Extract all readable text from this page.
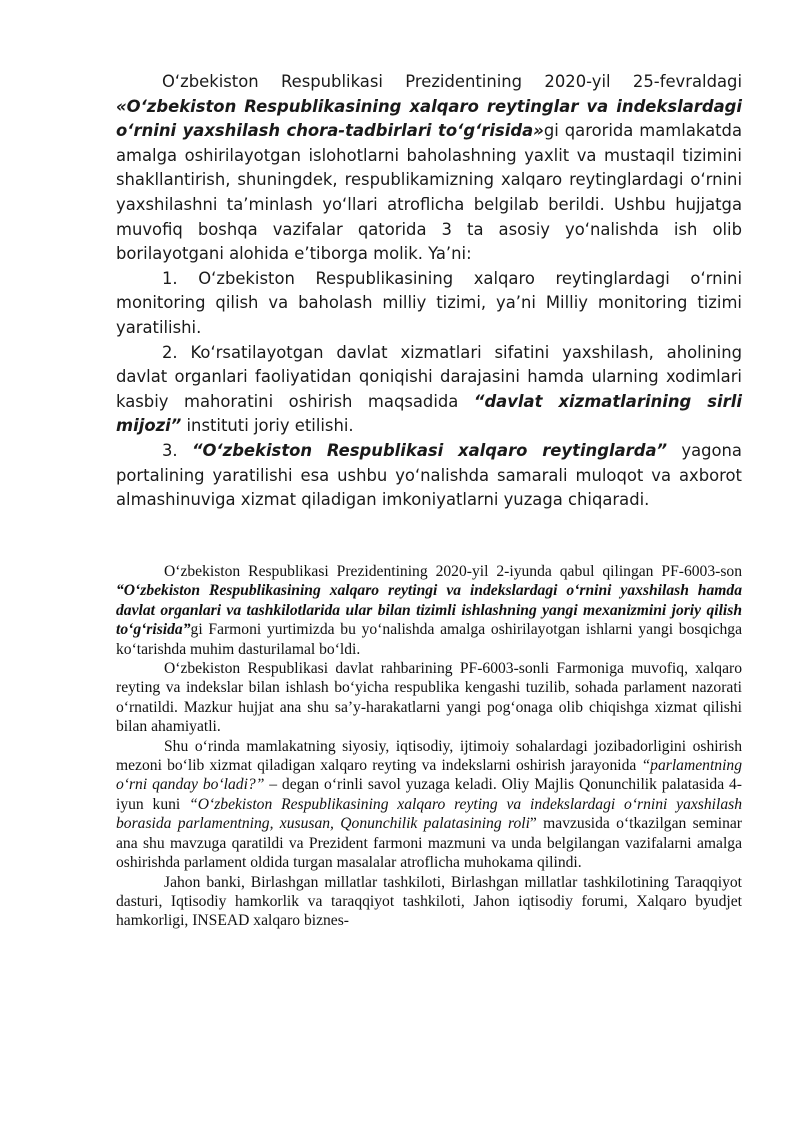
O‘zbekiston Respublikasi Prezidentining 2020-yil 25-fevraldagi «O‘zbekiston Respublikasining xalqaro reytinglar va indekslardagi o‘rnini yaxshilash chora-tadbirlari to‘g‘risida»gi qarorida mamlakatda amalga oshirilayotgan islohotlarni baholashning yaxlit va mustaqil tizimini shakllantirish, shuningdek, respublikamizning xalqaro reytinglardagi o‘rnini yaxshilashni ta’minlash yo‘llari atroflicha belgilab berildi. Ushbu hujjatga muvofiq boshqa vazifalar qatorida 3 ta asosiy yo‘nalishda ish olib borilayotgani alohida e’tiborga molik. Ya’ni:

1. O‘zbekiston Respublikasining xalqaro reytinglardagi o‘rnini monitoring qilish va baholash milliy tizimi, ya’ni Milliy monitoring tizimi yaratilishi.

2. Ko‘rsatilayotgan davlat xizmatlari sifatini yaxshilash, aholining davlat organlari faoliyatidan qoniqishi darajasini hamda ularning xodimlari kasbiy mahoratini oshirish maqsadida “davlat xizmatlarining sirli mijozi” instituti joriy etilishi.

3. “O‘zbekiston Respublikasi xalqaro reytinglarda” yagona portalining yaratilishi esa ushbu yo‘nalishda samarali muloqot va axborot almashinuviga xizmat qiladigan imkoniyatlarni yuzaga chiqaradi.

O‘zbekiston Respublikasi Prezidentining 2020-yil 2-iyunda qabul qilingan PF-6003-son “O‘zbekiston Respublikasining xalqaro reytingi va indekslardagi o‘rnini yaxshilash hamda davlat organlari va tashkilotlarida ular bilan tizimli ishlashning yangi mexanizmini joriy qilish to‘g‘risida”gi Farmoni yurtimizda bu yo‘nalishda amalga oshirilayotgan ishlarni yangi bosqichga ko‘tarishda muhim dasturilamal bo‘ldi.

O‘zbekiston Respublikasi davlat rahbarining PF-6003-sonli Farmoniga muvofiq, xalqaro reyting va indekslar bilan ishlash bo‘yicha respublika kengashi tuzilib, sohada parlament nazorati o‘rnatildi. Mazkur hujjat ana shu sa’y-harakatlarni yangi pog‘onaga olib chiqishga xizmat qilishi bilan ahamiyatli.

Shu o‘rinda mamlakatning siyosiy, iqtisodiy, ijtimoiy sohalardagi jozibadorligini oshirish mezoni bo‘lib xizmat qiladigan xalqaro reyting va indekslarni oshirish jarayonida “parlamentning o‘rni qanday bo‘ladi?” – degan o‘rinli savol yuzaga keladi. Oliy Majlis Qonunchilik palatasida 4-iyun kuni “O‘zbekiston Respublikasining xalqaro reyting va indekslardagi o‘rnini yaxshilash borasida parlamentning, xususan, Qonunchilik palatasining roli” mavzusida o‘tkazilgan seminar ana shu mavzuga qaratildi va Prezident farmoni mazmuni va unda belgilangan vazifalarni amalga oshirishda parlament oldida turgan masalalar atroflicha muhokama qilindi.

Jahon banki, Birlashgan millatlar tashkiloti, Birlashgan millatlar tashkilotining Taraqqiyot dasturi, Iqtisodiy hamkorlik va taraqqiyot tashkiloti, Jahon iqtisodiy forumi, Xalqaro byudjet hamkorligi, INSEAD xalqaro biznes-
